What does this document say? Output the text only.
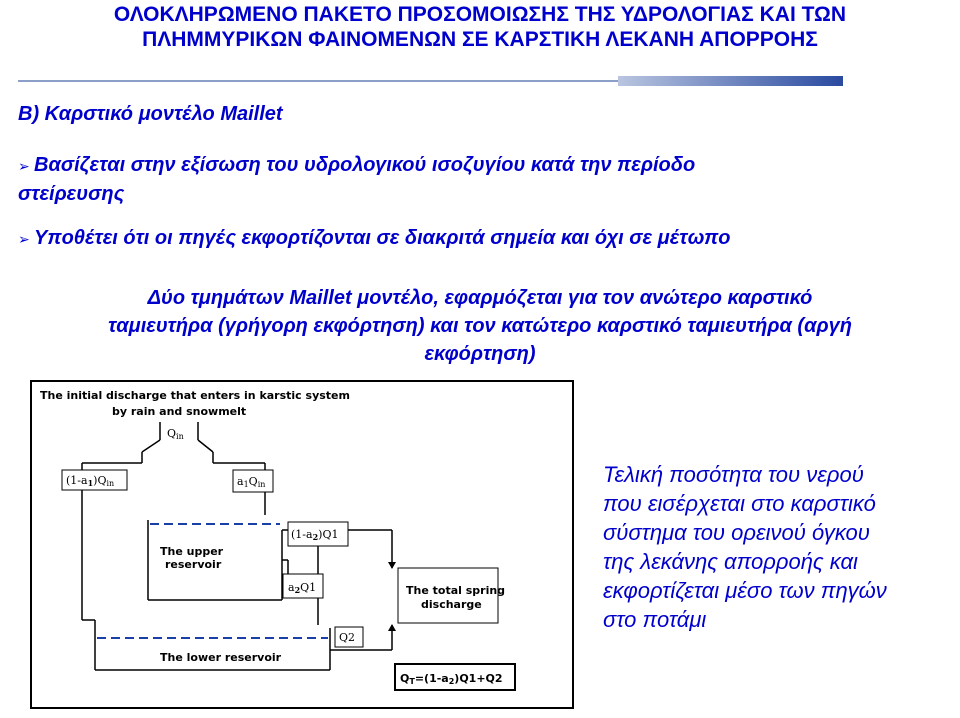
ΟΛΟΚΛΗΡΩΜΕΝΟ ΠΑΚΕΤΟ ΠΡΟΣΟΜΟΙΩΣΗΣ ΤΗΣ ΥΔΡΟΛΟΓΙΑΣ ΚΑΙ ΤΩΝ
ΠΛΗΜΜΥΡΙΚΩΝ ΦΑΙΝΟΜΕΝΩΝ ΣΕ ΚΑΡΣΤΙΚΗ ΛΕΚΑΝΗ ΑΠΟΡΡΟΗΣ
Β) Καρστικό μοντέλο Maillet
➢ Βασίζεται στην εξίσωση του υδρολογικού ισοζυγίου κατά την περίοδο
στείρευσης
➢ Υποθέτει ότι οι πηγές εκφορτίζονται σε διακριτά σημεία και όχι σε μέτωπο
Δύο τμημάτων Maillet μοντέλο, εφαρμόζεται για τον ανώτερο καρστικό
ταμιευτήρα (γρήγορη εκφόρτηση) και τον κατώτερο καρστικό ταμιευτήρα (αργή
εκφόρτηση)
The initial discharge that enters in karstic system
by rain and snowmelt
Qin
(1-a1)Qin	a1Qin
The upper
reservoir
(1-a2)Q1
a2Q1
The lower reservoir
Q2
The total spring
discharge
QT=(1-a2)Q1+Q2
Τελική ποσότητα του νερού
που εισέρχεται στο καρστικό
σύστημα του ορεινού όγκου
της λεκάνης απορροής και
εκφορτίζεται μέσο των πηγών
στο ποτάμι
